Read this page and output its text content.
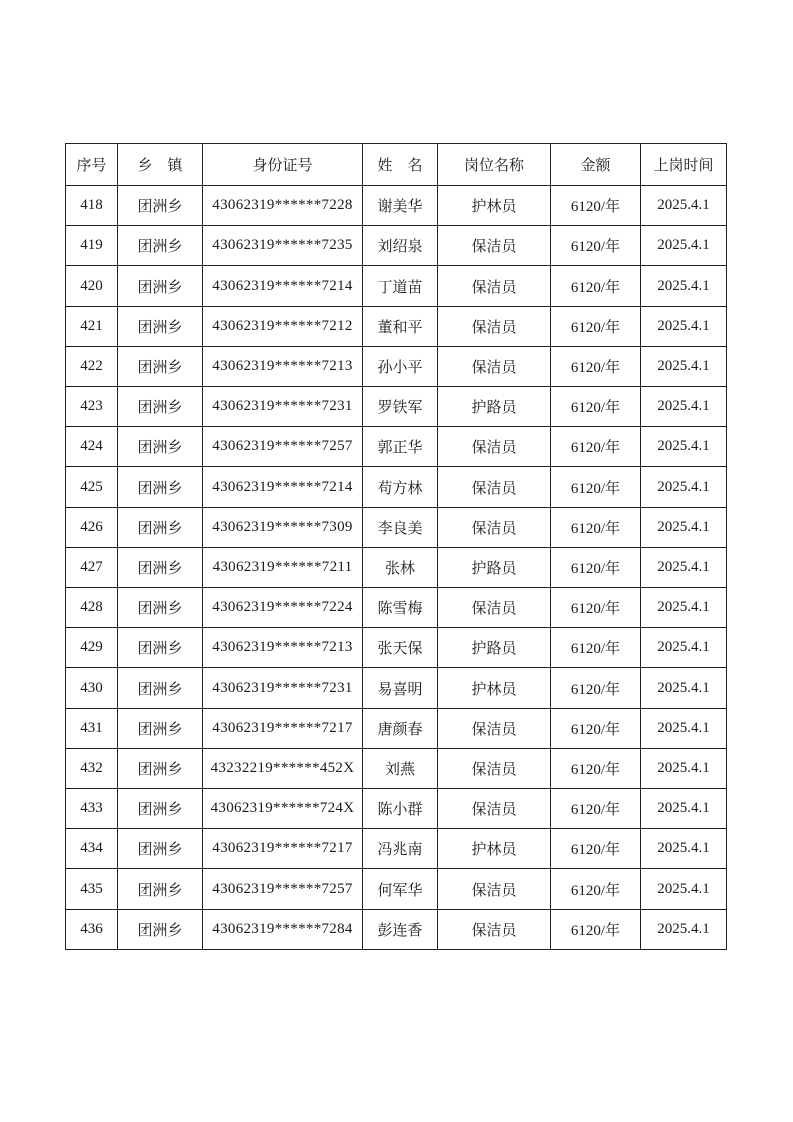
序号	乡　镇	身份证号	姓　名	岗位名称	金额	上岗时间
418	团洲乡	43062319******7228	谢美华	护林员	6120/年	2025.4.1
419	团洲乡	43062319******7235	刘绍泉	保洁员	6120/年	2025.4.1
420	团洲乡	43062319******7214	丁道苗	保洁员	6120/年	2025.4.1
421	团洲乡	43062319******7212	董和平	保洁员	6120/年	2025.4.1
422	团洲乡	43062319******7213	孙小平	保洁员	6120/年	2025.4.1
423	团洲乡	43062319******7231	罗铁军	护路员	6120/年	2025.4.1
424	团洲乡	43062319******7257	郭正华	保洁员	6120/年	2025.4.1
425	团洲乡	43062319******7214	苟方林	保洁员	6120/年	2025.4.1
426	团洲乡	43062319******7309	李良美	保洁员	6120/年	2025.4.1
427	团洲乡	43062319******7211	张林	护路员	6120/年	2025.4.1
428	团洲乡	43062319******7224	陈雪梅	保洁员	6120/年	2025.4.1
429	团洲乡	43062319******7213	张天保	护路员	6120/年	2025.4.1
430	团洲乡	43062319******7231	易喜明	护林员	6120/年	2025.4.1
431	团洲乡	43062319******7217	唐颜春	保洁员	6120/年	2025.4.1
432	团洲乡	43232219******452X	刘燕	保洁员	6120/年	2025.4.1
433	团洲乡	43062319******724X	陈小群	保洁员	6120/年	2025.4.1
434	团洲乡	43062319******7217	冯兆南	护林员	6120/年	2025.4.1
435	团洲乡	43062319******7257	何军华	保洁员	6120/年	2025.4.1
436	团洲乡	43062319******7284	彭连香	保洁员	6120/年	2025.4.1
